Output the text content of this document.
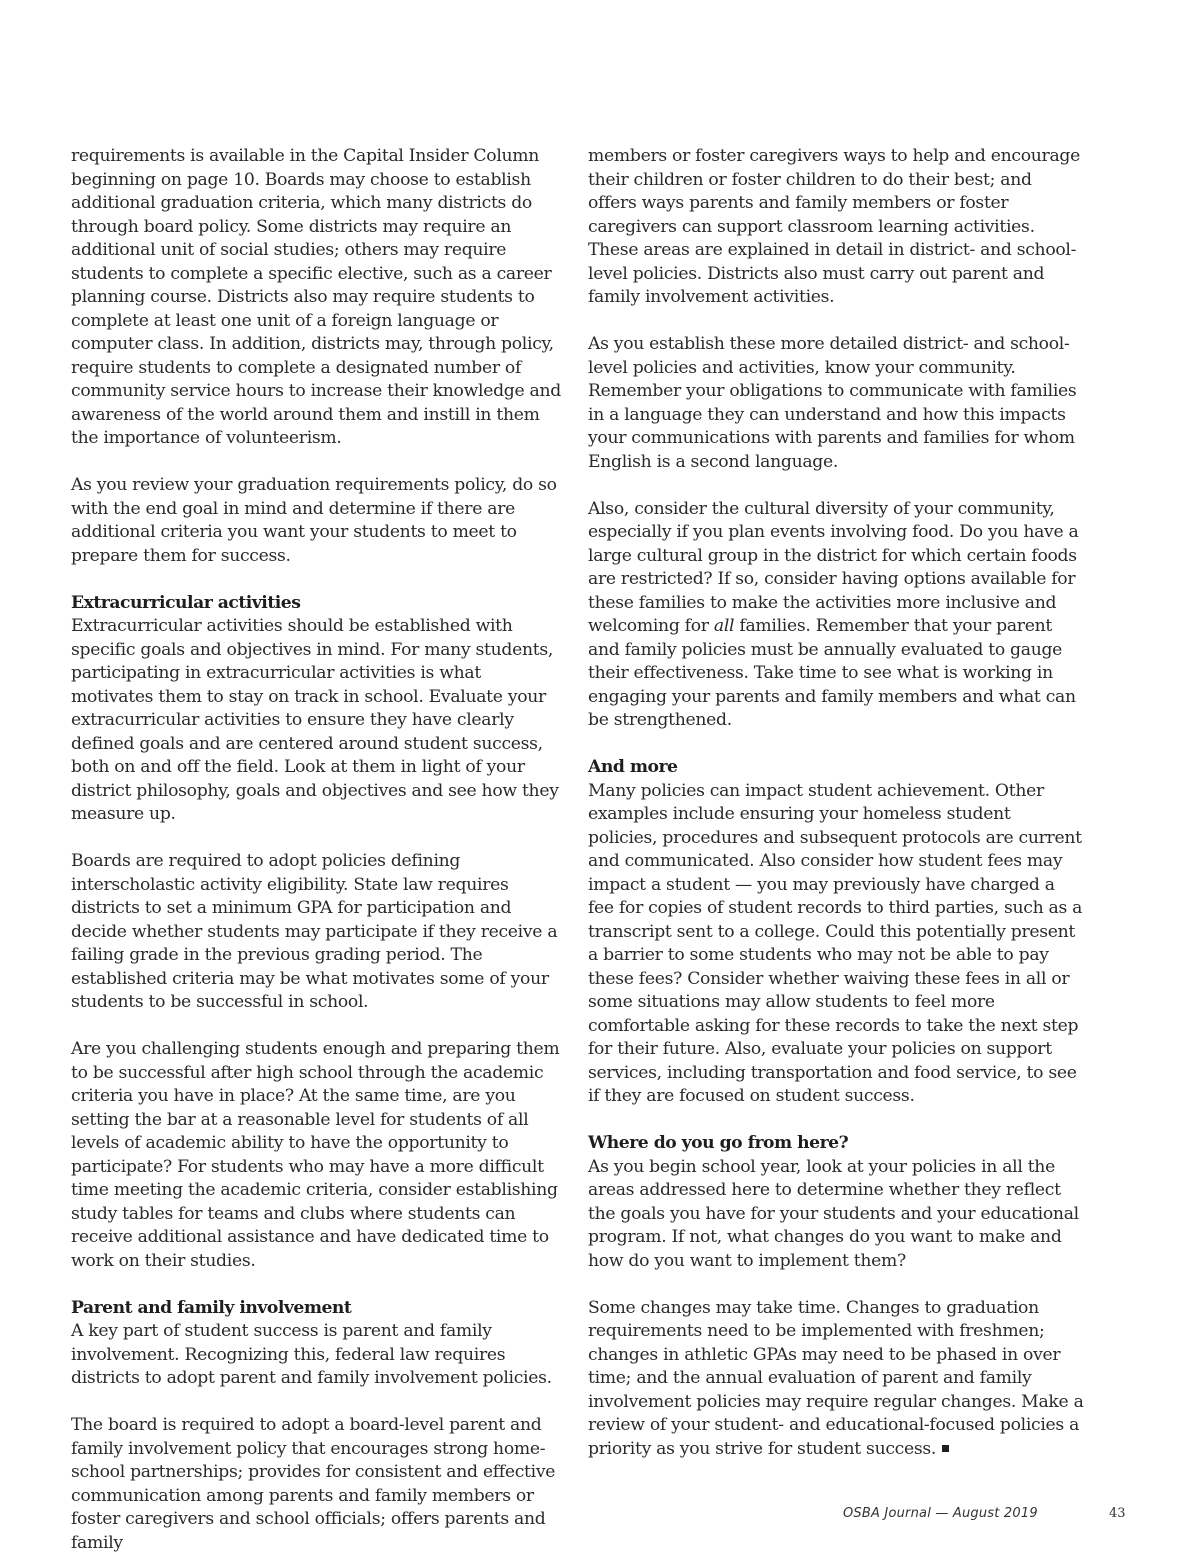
requirements is available in the Capital Insider Column beginning on page 10. Boards may choose to establish additional graduation criteria, which many districts do through board policy. Some districts may require an additional unit of social studies; others may require students to complete a specific elective, such as a career planning course. Districts also may require students to complete at least one unit of a foreign language or computer class. In addition, districts may, through policy, require students to complete a designated number of community service hours to increase their knowledge and awareness of the world around them and instill in them the importance of volunteerism.

As you review your graduation requirements policy, do so with the end goal in mind and determine if there are additional criteria you want your students to meet to prepare them for success.

Extracurricular activities

Extracurricular activities should be established with specific goals and objectives in mind. For many students, participating in extracurricular activities is what motivates them to stay on track in school. Evaluate your extracurricular activities to ensure they have clearly defined goals and are centered around student success, both on and off the field. Look at them in light of your district philosophy, goals and objectives and see how they measure up.

Boards are required to adopt policies defining interscholastic activity eligibility. State law requires districts to set a minimum GPA for participation and decide whether students may participate if they receive a failing grade in the previous grading period. The established criteria may be what motivates some of your students to be successful in school.

Are you challenging students enough and preparing them to be successful after high school through the academic criteria you have in place? At the same time, are you setting the bar at a reasonable level for students of all levels of academic ability to have the opportunity to participate? For students who may have a more difficult time meeting the academic criteria, consider establishing study tables for teams and clubs where students can receive additional assistance and have dedicated time to work on their studies.

Parent and family involvement

A key part of student success is parent and family involvement. Recognizing this, federal law requires districts to adopt parent and family involvement policies.

The board is required to adopt a board-level parent and family involvement policy that encourages strong home-school partnerships; provides for consistent and effective communication among parents and family members or foster caregivers and school officials; offers parents and family

members or foster caregivers ways to help and encourage their children or foster children to do their best; and offers ways parents and family members or foster caregivers can support classroom learning activities. These areas are explained in detail in district- and school-level policies. Districts also must carry out parent and family involvement activities.

As you establish these more detailed district- and school-level policies and activities, know your community. Remember your obligations to communicate with families in a language they can understand and how this impacts your communications with parents and families for whom English is a second language.

Also, consider the cultural diversity of your community, especially if you plan events involving food. Do you have a large cultural group in the district for which certain foods are restricted? If so, consider having options available for these families to make the activities more inclusive and welcoming for all families. Remember that your parent and family policies must be annually evaluated to gauge their effectiveness. Take time to see what is working in engaging your parents and family members and what can be strengthened.

And more

Many policies can impact student achievement. Other examples include ensuring your homeless student policies, procedures and subsequent protocols are current and communicated. Also consider how student fees may impact a student — you may previously have charged a fee for copies of student records to third parties, such as a transcript sent to a college. Could this potentially present a barrier to some students who may not be able to pay these fees? Consider whether waiving these fees in all or some situations may allow students to feel more comfortable asking for these records to take the next step for their future. Also, evaluate your policies on support services, including transportation and food service, to see if they are focused on student success.

Where do you go from here?

As you begin school year, look at your policies in all the areas addressed here to determine whether they reflect the goals you have for your students and your educational program. If not, what changes do you want to make and how do you want to implement them?

Some changes may take time. Changes to graduation requirements need to be implemented with freshmen; changes in athletic GPAs may need to be phased in over time; and the annual evaluation of parent and family involvement policies may require regular changes. Make a review of your student- and educational-focused policies a priority as you strive for student success.

OSBA Journal — August 2019	43
